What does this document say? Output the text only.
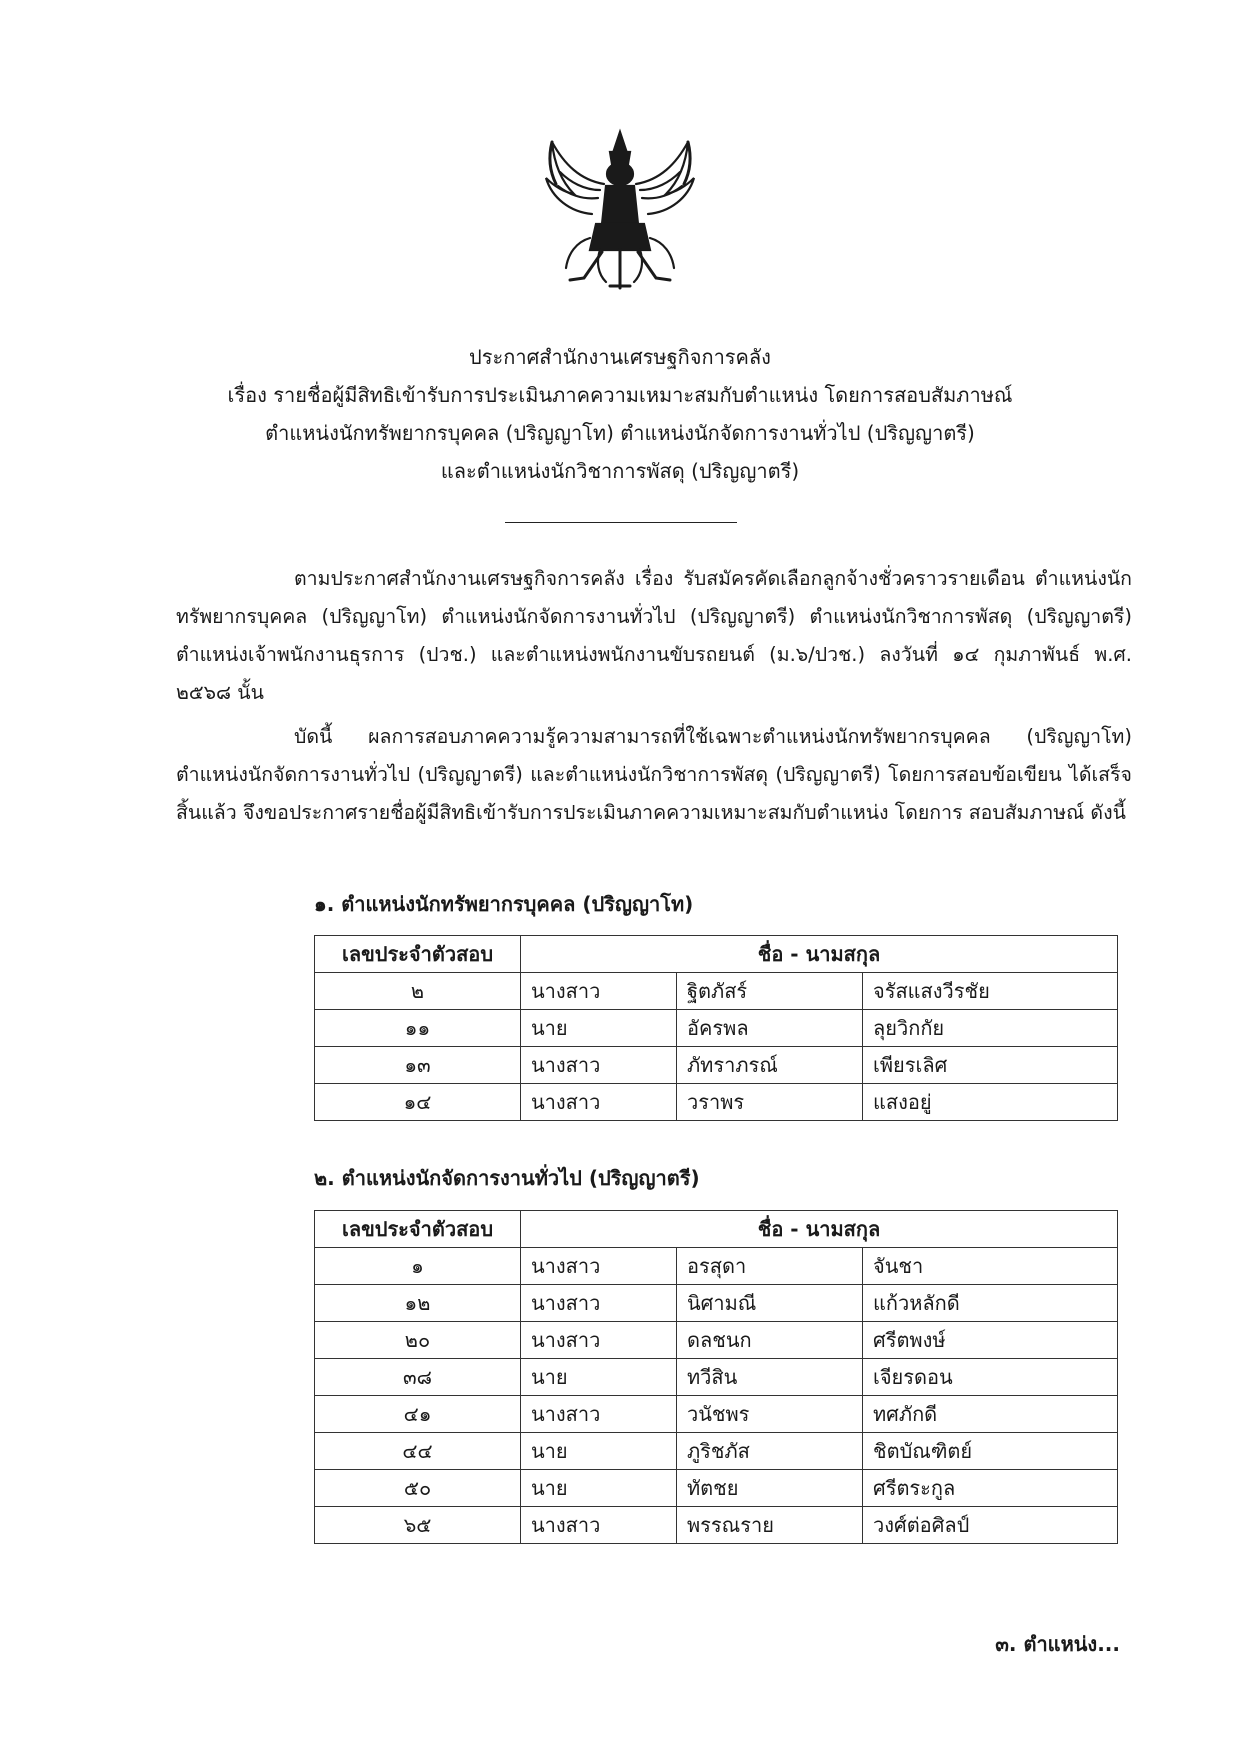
ประกาศสำนักงานเศรษฐกิจการคลัง
เรื่อง รายชื่อผู้มีสิทธิเข้ารับการประเมินภาคความเหมาะสมกับตำแหน่ง โดยการสอบสัมภาษณ์
ตำแหน่งนักทรัพยากรบุคคล (ปริญญาโท) ตำแหน่งนักจัดการงานทั่วไป (ปริญญาตรี)
และตำแหน่งนักวิชาการพัสดุ (ปริญญาตรี)

ตามประกาศสำนักงานเศรษฐกิจการคลัง เรื่อง รับสมัครคัดเลือกลูกจ้างชั่วคราวรายเดือน ตำแหน่งนักทรัพยากรบุคคล (ปริญญาโท) ตำแหน่งนักจัดการงานทั่วไป (ปริญญาตรี) ตำแหน่งนักวิชาการพัสดุ (ปริญญาตรี) ตำแหน่งเจ้าพนักงานธุรการ (ปวช.) และตำแหน่งพนักงานขับรถยนต์ (ม.๖/ปวช.) ลงวันที่ ๑๔ กุมภาพันธ์ พ.ศ. ๒๕๖๘ นั้น

บัดนี้ ผลการสอบภาคความรู้ความสามารถที่ใช้เฉพาะตำแหน่งนักทรัพยากรบุคคล (ปริญญาโท) ตำแหน่งนักจัดการงานทั่วไป (ปริญญาตรี) และตำแหน่งนักวิชาการพัสดุ (ปริญญาตรี) โดยการสอบข้อเขียน ได้เสร็จสิ้นแล้ว จึงขอประกาศรายชื่อผู้มีสิทธิเข้ารับการประเมินภาคความเหมาะสมกับตำแหน่ง โดยการ สอบสัมภาษณ์ ดังนี้

๑. ตำแหน่งนักทรัพยากรบุคคล (ปริญญาโท)
เลขประจำตัวสอบ	ชื่อ - นามสกุล		
๒	นางสาว	ฐิตภัสร์	จรัสแสงวีรชัย
๑๑	นาย	อัครพล	ลุยวิกกัย
๑๓	นางสาว	ภัทราภรณ์	เพียรเลิศ
๑๔	นางสาว	วราพร	แสงอยู่
๒. ตำแหน่งนักจัดการงานทั่วไป (ปริญญาตรี)
เลขประจำตัวสอบ	ชื่อ - นามสกุล		
๑	นางสาว	อรสุดา	จันชา
๑๒	นางสาว	นิศามณี	แก้วหลักดี
๒๐	นางสาว	ดลชนก	ศรีตพงษ์
๓๘	นาย	ทวีสิน	เจียรดอน
๔๑	นางสาว	วนัชพร	ทศภักดี
๔๔	นาย	ภูริชภัส	ชิตบัณฑิตย์
๕๐	นาย	ทัตชย	ศรีตระกูล
๖๕	นางสาว	พรรณราย	วงศ์ต่อศิลป์
๓. ตำแหน่ง...
